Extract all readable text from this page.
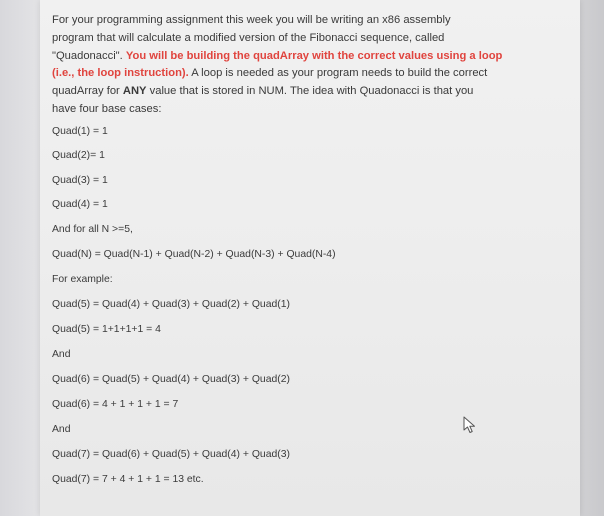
For your programming assignment this week you will be writing an x86 assembly
program that will calculate a modified version of the Fibonacci sequence, called
"Quadonacci". You will be building the quadArray with the correct values using a loop
(i.e., the loop instruction). A loop is needed as your program needs to build the correct
quadArray for ANY value that is stored in NUM. The idea with Quadonacci is that you
have four base cases:
Quad(1) = 1
Quad(2)= 1
Quad(3) = 1
Quad(4) = 1
And for all N >=5,
Quad(N) = Quad(N-1) + Quad(N-2) + Quad(N-3) + Quad(N-4)
For example:
Quad(5) = Quad(4) + Quad(3) + Quad(2) + Quad(1)
Quad(5) = 1+1+1+1 = 4
And
Quad(6) = Quad(5) + Quad(4) + Quad(3) + Quad(2)
Quad(6) = 4 + 1 + 1 + 1 = 7
And
Quad(7) = Quad(6) + Quad(5) + Quad(4) + Quad(3)
Quad(7) = 7 + 4 + 1 + 1 = 13 etc.
